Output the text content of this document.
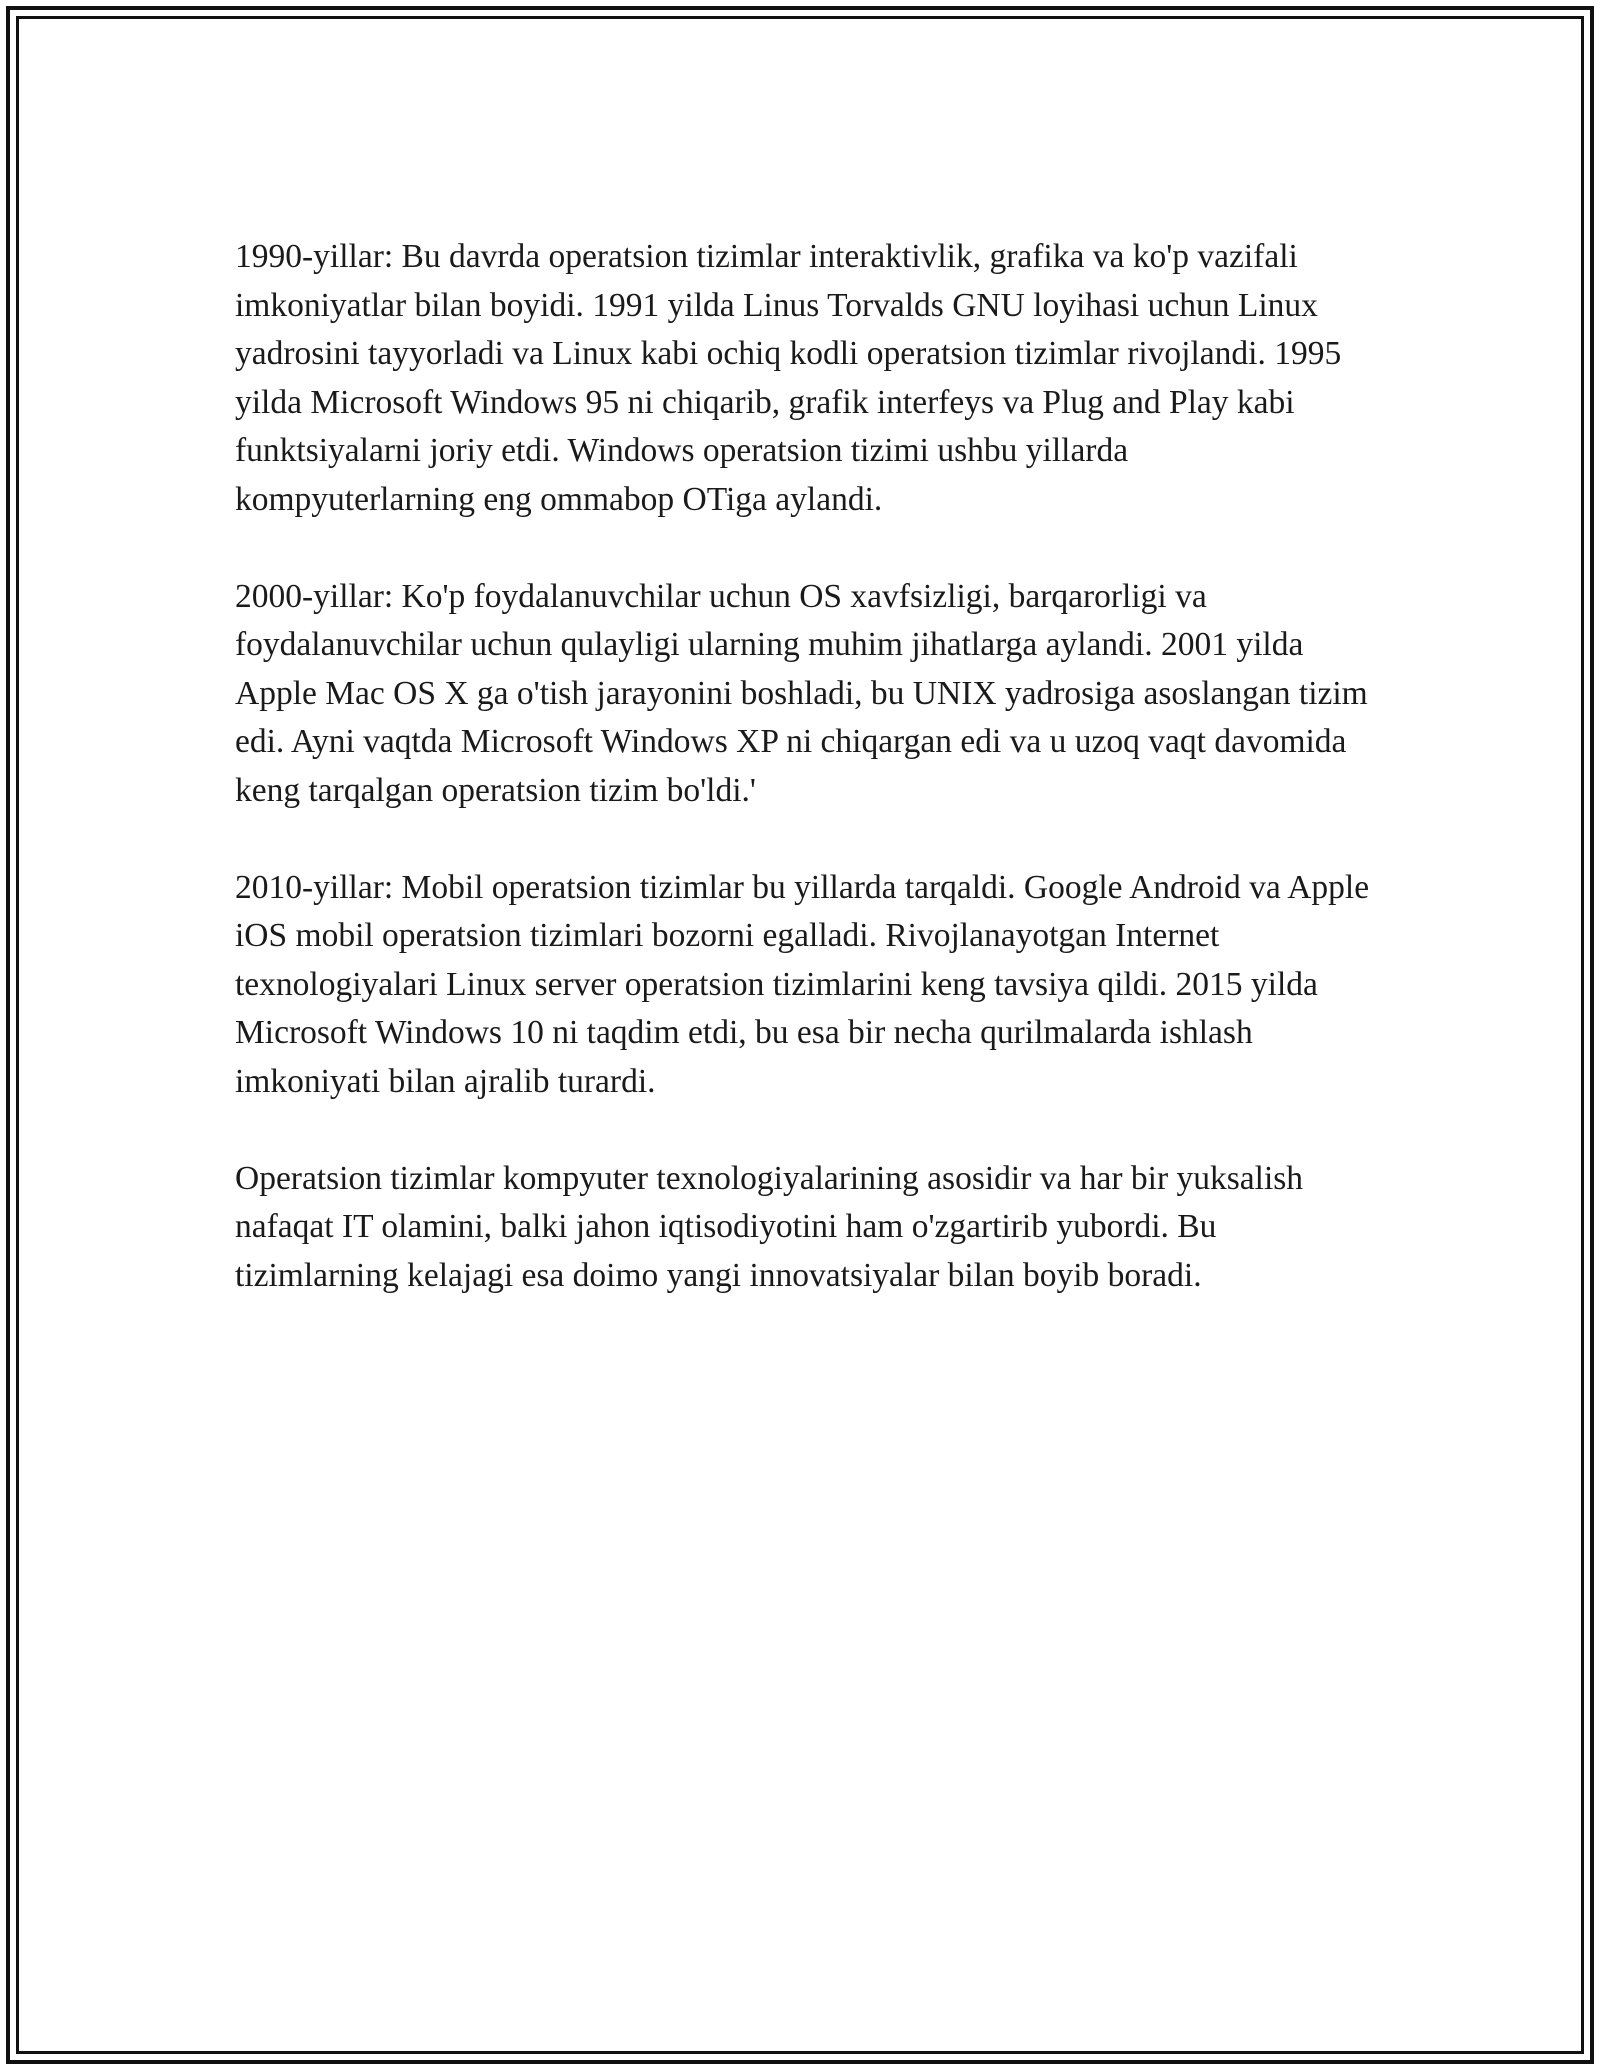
1990-yillar: Bu davrda operatsion tizimlar interaktivlik, grafika va ko'p vazifali imkoniyatlar bilan boyidi. 1991 yilda Linus Torvalds GNU loyihasi uchun Linux yadrosini tayyorladi va Linux kabi ochiq kodli operatsion tizimlar rivojlandi. 1995 yilda Microsoft Windows 95 ni chiqarib, grafik interfeys va Plug and Play kabi funktsiyalarni joriy etdi. Windows operatsion tizimi ushbu yillarda kompyuterlarning eng ommabop OTiga aylandi.

2000-yillar: Ko'p foydalanuvchilar uchun OS xavfsizligi, barqarorligi va foydalanuvchilar uchun qulayligi ularning muhim jihatlarga aylandi. 2001 yilda Apple Mac OS X ga o'tish jarayonini boshladi, bu UNIX yadrosiga asoslangan tizim edi. Ayni vaqtda Microsoft Windows XP ni chiqargan edi va u uzoq vaqt davomida keng tarqalgan operatsion tizim bo'ldi.'

2010-yillar: Mobil operatsion tizimlar bu yillarda tarqaldi. Google Android va Apple iOS mobil operatsion tizimlari bozorni egalladi. Rivojlanayotgan Internet texnologiyalari Linux server operatsion tizimlarini keng tavsiya qildi. 2015 yilda Microsoft Windows 10 ni taqdim etdi, bu esa bir necha qurilmalarda ishlash imkoniyati bilan ajralib turardi.

Operatsion tizimlar kompyuter texnologiyalarining asosidir va har bir yuksalish nafaqat IT olamini, balki jahon iqtisodiyotini ham o'zgartirib yubordi. Bu tizimlarning kelajagi esa doimo yangi innovatsiyalar bilan boyib boradi.
